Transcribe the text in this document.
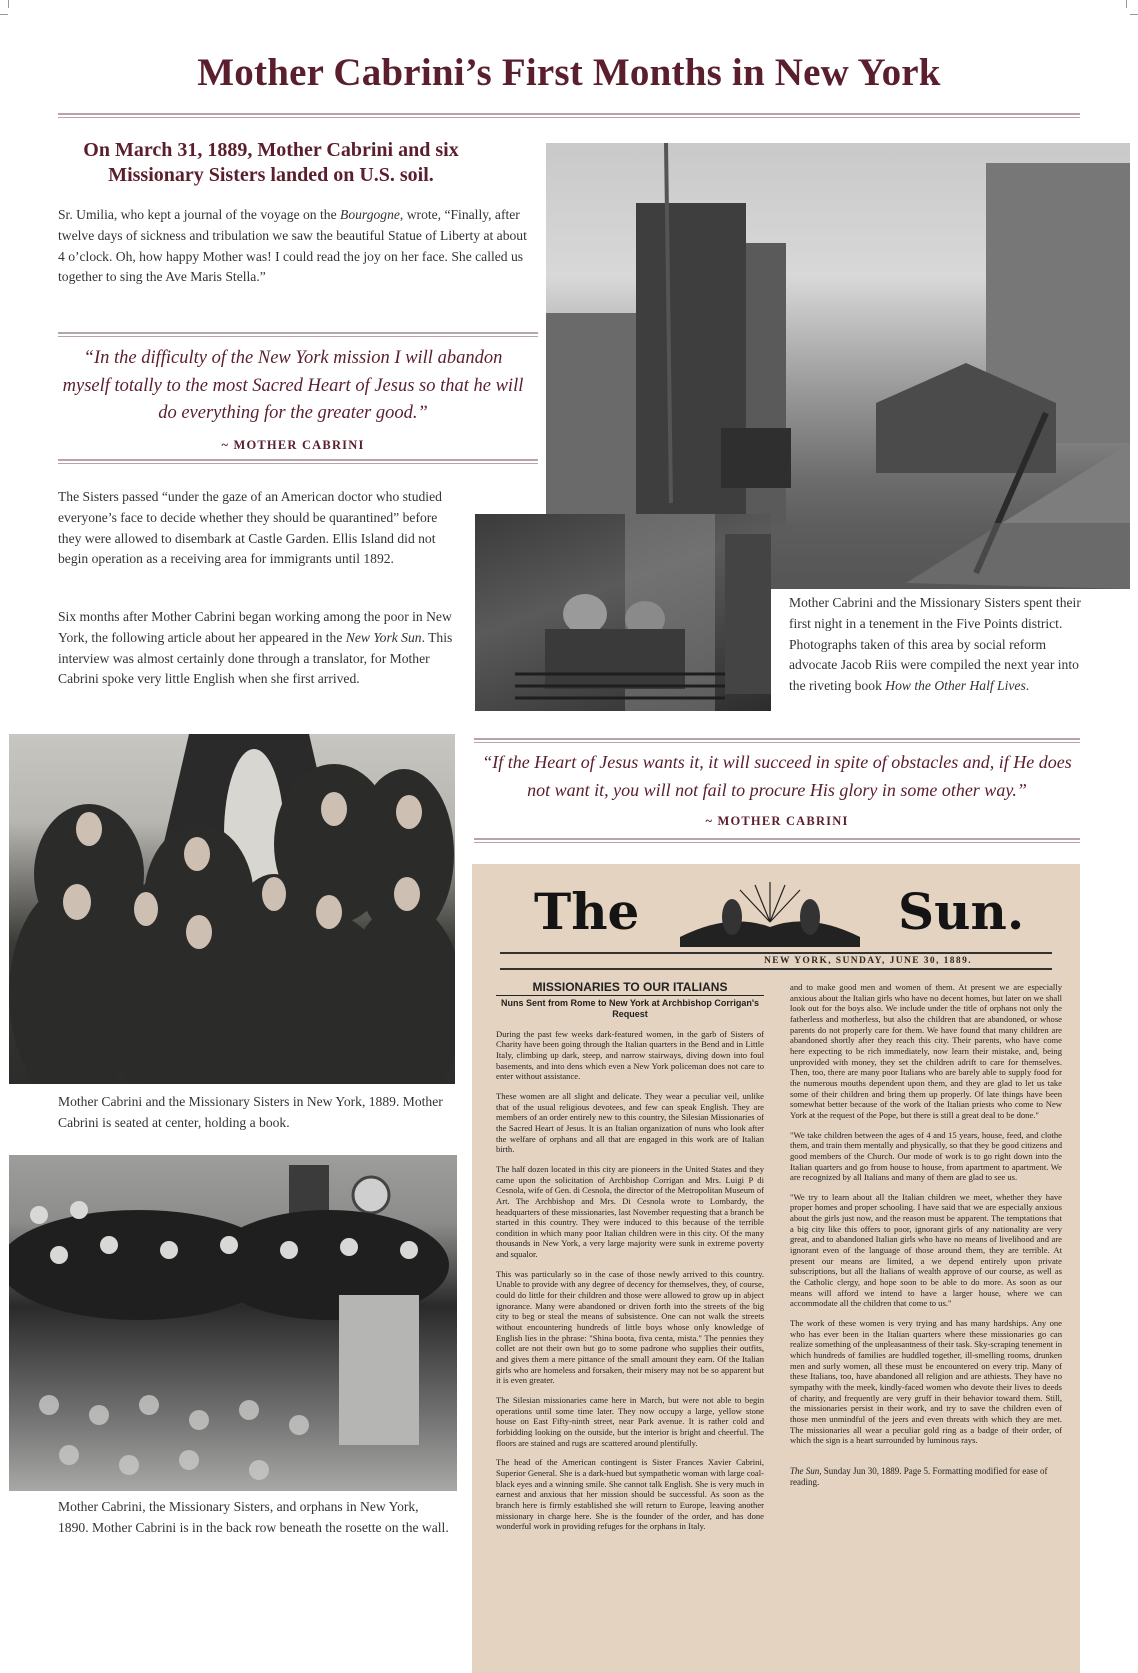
Mother Cabrini’s First Months in New York
On March 31, 1889, Mother Cabrini and six Missionary Sisters landed on U.S. soil.
Sr. Umilia, who kept a journal of the voyage on the Bourgogne, wrote, “Finally, after twelve days of sickness and tribulation we saw the beautiful Statue of Liberty at about 4 o’clock. Oh, how happy Mother was! I could read the joy on her face. She called us together to sing the Ave Maris Stella.”
“In the difficulty of the New York mission I will abandon myself totally to the most Sacred Heart of Jesus so that he will do everything for the greater good.”
~ MOTHER CABRINI
The Sisters passed “under the gaze of an American doctor who studied everyone’s face to decide whether they should be quarantined” before they were allowed to disembark at Castle Garden. Ellis Island did not begin operation as a receiving area for immigrants until 1892.
Six months after Mother Cabrini began working among the poor in New York, the following article about her appeared in the New York Sun. This interview was almost certainly done through a translator, for Mother Cabrini spoke very little English when she first arrived.
Mother Cabrini and the Missionary Sisters spent their first night in a tenement in the Five Points district. Photographs taken of this area by social reform advocate Jacob Riis were compiled the next year into the riveting book How the Other Half Lives.
“If the Heart of Jesus wants it, it will succeed in spite of obstacles and, if He does not want it, you will not fail to procure His glory in some other way.”
~ MOTHER CABRINI
Mother Cabrini and the Missionary Sisters in New York, 1889. Mother Cabrini is seated at center, holding a book.
Mother Cabrini, the Missionary Sisters, and orphans in New York, 1890. Mother Cabrini is in the back row beneath the rosette on the wall.
The	Sun.
NEW YORK, SUNDAY, JUNE 30, 1889.
MISSIONARIES TO OUR ITALIANS
Nuns Sent from Rome to New York at Archbishop Corrigan's Request

During the past few weeks dark-featured women, in the garb of Sisters of Charity have been going through the Italian quarters in the Bend and in Little Italy, climbing up dark, steep, and narrow stairways, diving down into foul basements, and into dens which even a New York policeman does not care to enter without assistance.

These women are all slight and delicate. They wear a peculiar veil, unlike that of the usual religious devotees, and few can speak English. They are members of an order entirely new to this country, the Silesian Missionaries of the Sacred Heart of Jesus. It is an Italian organization of nuns who look after the welfare of orphans and all that are engaged in this work are of Italian birth.

The half dozen located in this city are pioneers in the United States and they came upon the solicitation of Archbishop Corrigan and Mrs. Luigi P di Cesnola, wife of Gen. di Cesnola, the director of the Metropolitan Museum of Art. The Archbishop and Mrs. Di Cesnola wrote to Lombardy, the headquarters of these missionaries, last November requesting that a branch be started in this country. They were induced to this because of the terrible condition in which many poor Italian children were in this city. Of the many thousands in New York, a very large majority were sunk in extreme poverty and squalor.

This was particularly so in the case of those newly arrived to this country. Unable to provide with any degree of decency for themselves, they, of course, could do little for their children and those were allowed to grow up in abject ignorance. Many were abandoned or driven forth into the streets of the big city to beg or steal the means of subsistence. One can not walk the streets without encountering hundreds of little boys whose only knowledge of English lies in the phrase: "Shina boota, fiva centa, mista." The pennies they collet are not their own but go to some padrone who supplies their outfits, and gives them a mere pittance of the small amount they earn. Of the Italian girls who are homeless and forsaken, their misery may not be so apparent but it is even greater.

The Silesian missionaries came here in March, but were not able to begin operations until some time later. They now occupy a large, yellow stone house on East Fifty-ninth street, near Park avenue. It is rather cold and forbidding looking on the outside, but the interior is bright and cheerful. The floors are stained and rugs are scattered around plentifully.

The head of the American contingent is Sister Frances Xavier Cabrini, Superior General. She is a dark-hued but sympathetic woman with large coal-black eyes and a winning smile. She cannot talk English. She is very much in earnest and anxious that her mission should be successful. As soon as the branch here is firmly established she will return to Europe, leaving another missionary in charge here. She is the founder of the order, and has done wonderful work in providing refuges for the orphans in Italy.

and to make good men and women of them. At present we are especially anxious about the Italian girls who have no decent homes, but later on we shall look out for the boys also. We include under the title of orphans not only the fatherless and motherless, but also the children that are abandoned, or whose parents do not properly care for them. We have found that many children are abandoned shortly after they reach this city. Their parents, who have come here expecting to be rich immediately, now learn their mistake, and, being unprovided with money, they set the children adrift to care for themselves. Then, too, there are many poor Italians who are barely able to supply food for the numerous mouths dependent upon them, and they are glad to let us take some of their children and bring them up properly. Of late things have been somewhat better because of the work of the Italian priests who come to New York at the request of the Pope, but there is still a great deal to be done."

"We take children between the ages of 4 and 15 years, house, feed, and clothe them, and train them mentally and physically, so that they be good citizens and good members of the Church. Our mode of work is to go right down into the Italian quarters and go from house to house, from apartment to apartment. We are recognized by all Italians and many of them are glad to see us.

"We try to learn about all the Italian children we meet, whether they have proper homes and proper schooling. I have said that we are especially anxious about the girls just now, and the reason must be apparent. The temptations that a big city like this offers to poor, ignorant girls of any nationality are very great, and to abandoned Italian girls who have no means of livelihood and are ignorant even of the language of those around them, they are terrible. At present our means are limited, a we depend entirely upon private subscriptions, but all the Italians of wealth approve of our course, as well as the Catholic clergy, and hope soon to be able to do more. As soon as our means will afford we intend to have a larger house, where we can accommodate all the children that come to us."

The work of these women is very trying and has many hardships. Any one who has ever been in the Italian quarters where these missionaries go can realize something of the unpleasantness of their task. Sky-scraping tenement in which hundreds of families are huddled together, ill-smelling rooms, drunken men and surly women, all these must be encountered on every trip. Many of these Italians, too, have abandoned all religion and are athiests. They have no sympathy with the meek, kindly-faced women who devote their lives to deeds of charity, and frequently are very gruff in their behavior toward them. Still, the missionaries persist in their work, and try to save the children even of those men unmindful of the jeers and even threats with which they are met. The missionaries all wear a peculiar gold ring as a badge of their order, of which the sign is a heart surrounded by luminous rays.

The Sun, Sunday Jun 30, 1889. Page 5. Formatting modified for ease of reading.
